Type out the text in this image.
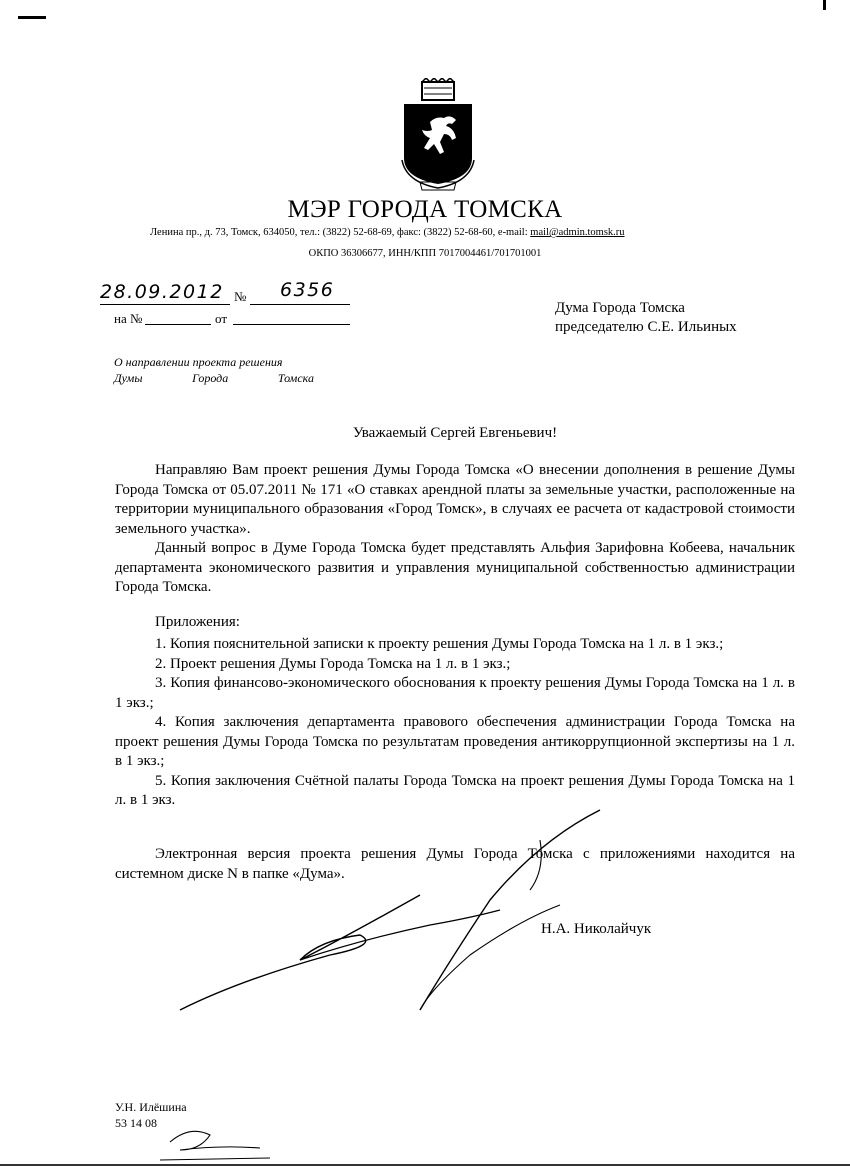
МЭР ГОРОДА ТОМСКА
Ленина пр., д. 73, Томск, 634050, тел.: (3822) 52-68-69, факс: (3822) 52-68-60, e-mail: mail@admin.tomsk.ru
ОКПО 36306677, ИНН/КПП 7017004461/701701001
28.09.2012 № 6356
на №	от
Дума Города Томска
председателю С.Е. Ильиных
О направлении проекта решения
Думы	Города	Томска
Уважаемый Сергей Евгеньевич!

Направляю Вам проект решения Думы Города Томска «О внесении дополнения в решение Думы Города Томска от 05.07.2011 № 171 «О ставках арендной платы за земельные участки, расположенные на территории муниципального образования «Город Томск», в случаях ее расчета от кадастровой стоимости земельного участка».

Данный вопрос в Думе Города Томска будет представлять Альфия Зарифовна Кобеева, начальник департамента экономического развития и управления муниципальной собственностью администрации Города Томска.

Приложения:

1. Копия пояснительной записки к проекту решения Думы Города Томска на 1 л. в 1 экз.;

2. Проект решения Думы Города Томска на 1 л. в 1 экз.;

3. Копия финансово-экономического обоснования к проекту решения Думы Города Томска на 1 л. в 1 экз.;

4. Копия заключения департамента правового обеспечения администрации Города Томска на проект решения Думы Города Томска по результатам проведения антикоррупционной экспертизы на 1 л. в 1 экз.;

5. Копия заключения Счётной палаты Города Томска на проект решения Думы Города Томска на 1 л. в 1 экз.

Электронная версия проекта решения Думы Города Томска с приложениями находится на системном диске N в папке «Дума».

Н.А. Николайчук
У.Н. Илёшина
53 14 08
